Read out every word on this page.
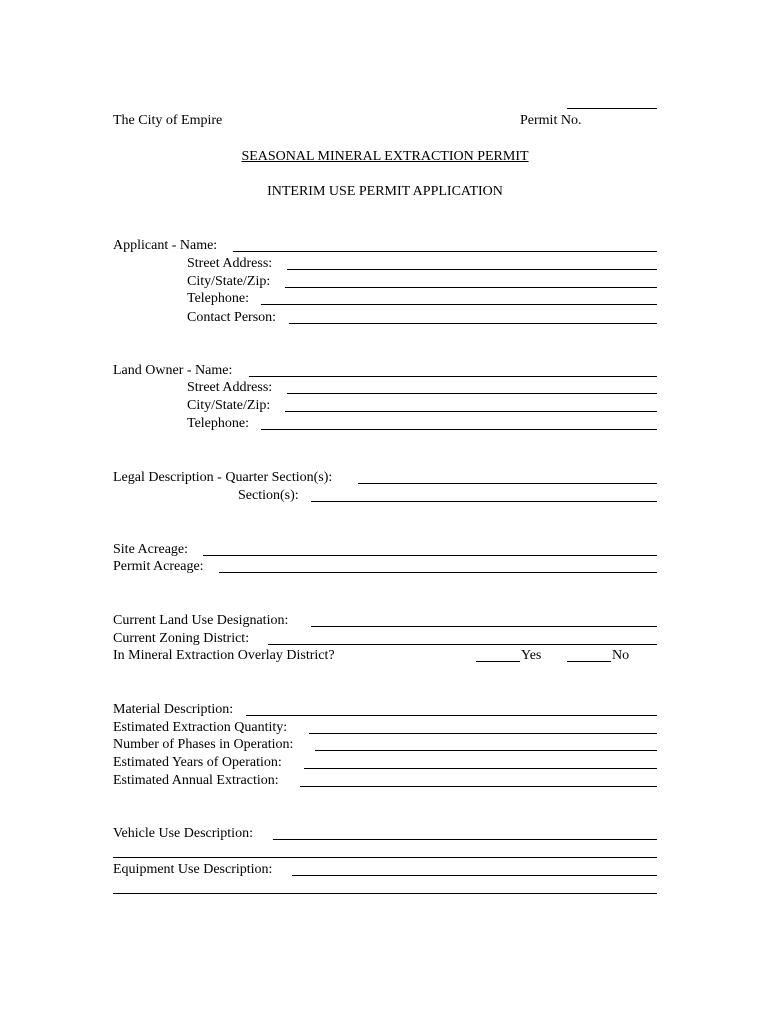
The City of Empire	Permit No.
SEASONAL MINERAL EXTRACTION PERMIT
INTERIM USE PERMIT APPLICATION
Applicant - Name:
Street Address:
City/State/Zip:
Telephone:
Contact Person:
Land Owner - Name:
Street Address:
City/State/Zip:
Telephone:
Legal Description - Quarter Section(s):
Section(s):
Site Acreage:
Permit Acreage:
Current Land Use Designation:
Current Zoning District:
In Mineral Extraction Overlay District?	Yes	No
Material Description:
Estimated Extraction Quantity:
Number of Phases in Operation:
Estimated Years of Operation:
Estimated Annual Extraction:
Vehicle Use Description:
Equipment Use Description:
